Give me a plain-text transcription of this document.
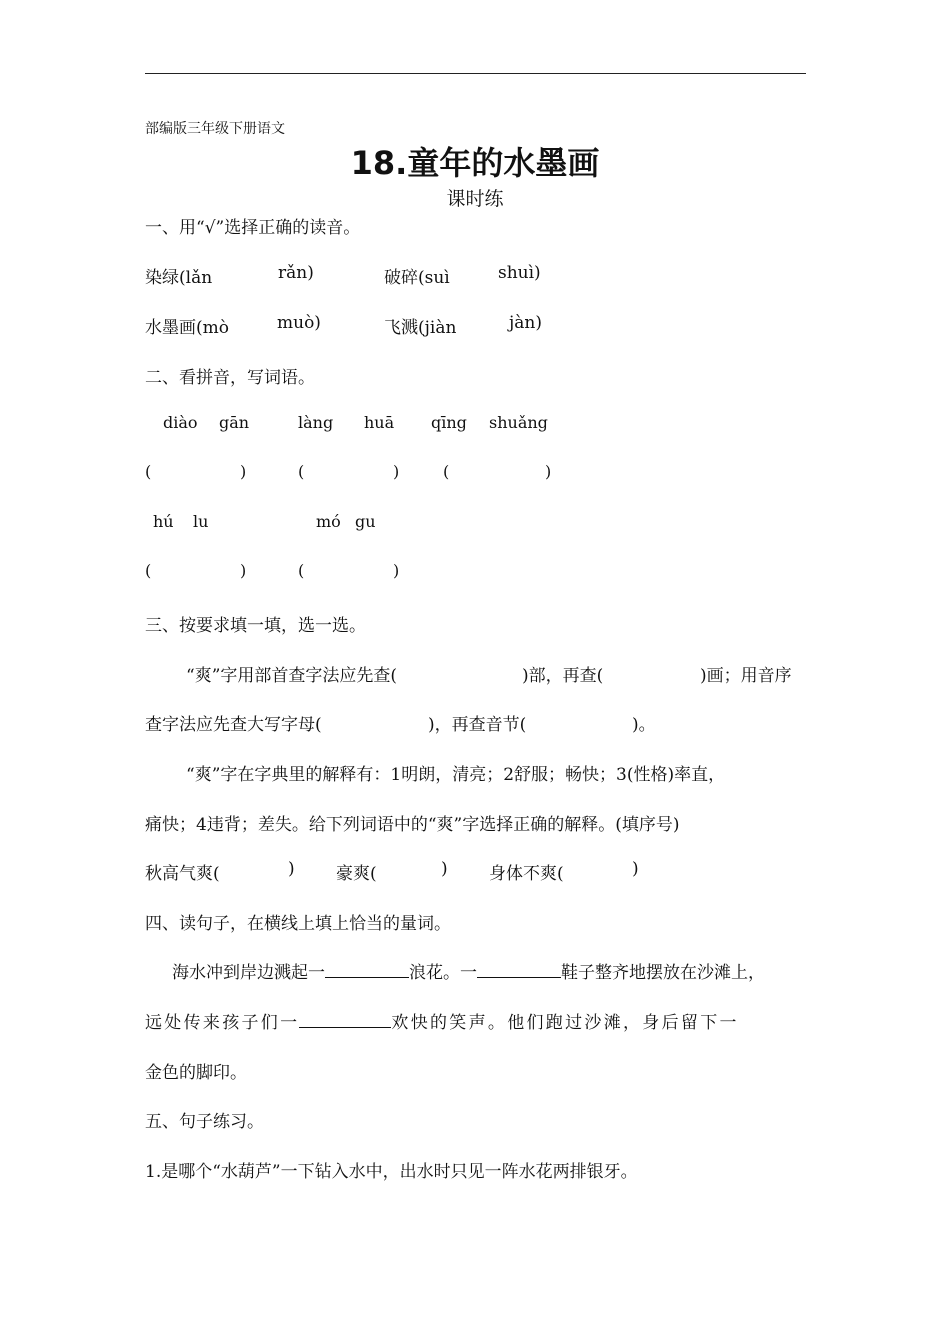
部编版三年级下册语文
18.童年的水墨画
课时练
一、用“√”选择正确的读音。
染绿(lǎn	rǎn)	破碎(suì	shuì)
水墨画(mò	muò)	飞溅(jiàn	jàn)
二、看拼音，写词语。
diào gān	làng huā qīng shuǎng
(	)	(	)	(	)
hú lu	mó gu
(	)	(	)
三、按要求填一填，选一选。
“爽”字用部首查字法应先查(	)部，再查(	)画；用音序
查字法应先查大写字母(	)，再查音节(	)。
“爽”字在字典里的解释有：1明朗，清亮；2舒服；畅快；3(性格)率直，
痛快；4违背；差失。给下列词语中的“爽”字选择正确的解释。(填序号)
秋高气爽(	) 豪爽(	) 身体不爽(	)
四、读句子，在横线上填上恰当的量词。
海水冲到岸边溅起一	浪花。一	鞋子整齐地摆放在沙滩上，
远处传来孩子们一	欢快的笑声。他们跑过沙滩，身后留下一
金色的脚印。
五、句子练习。
1.是哪个“水葫芦”一下钻入水中，出水时只见一阵水花两排银牙。
